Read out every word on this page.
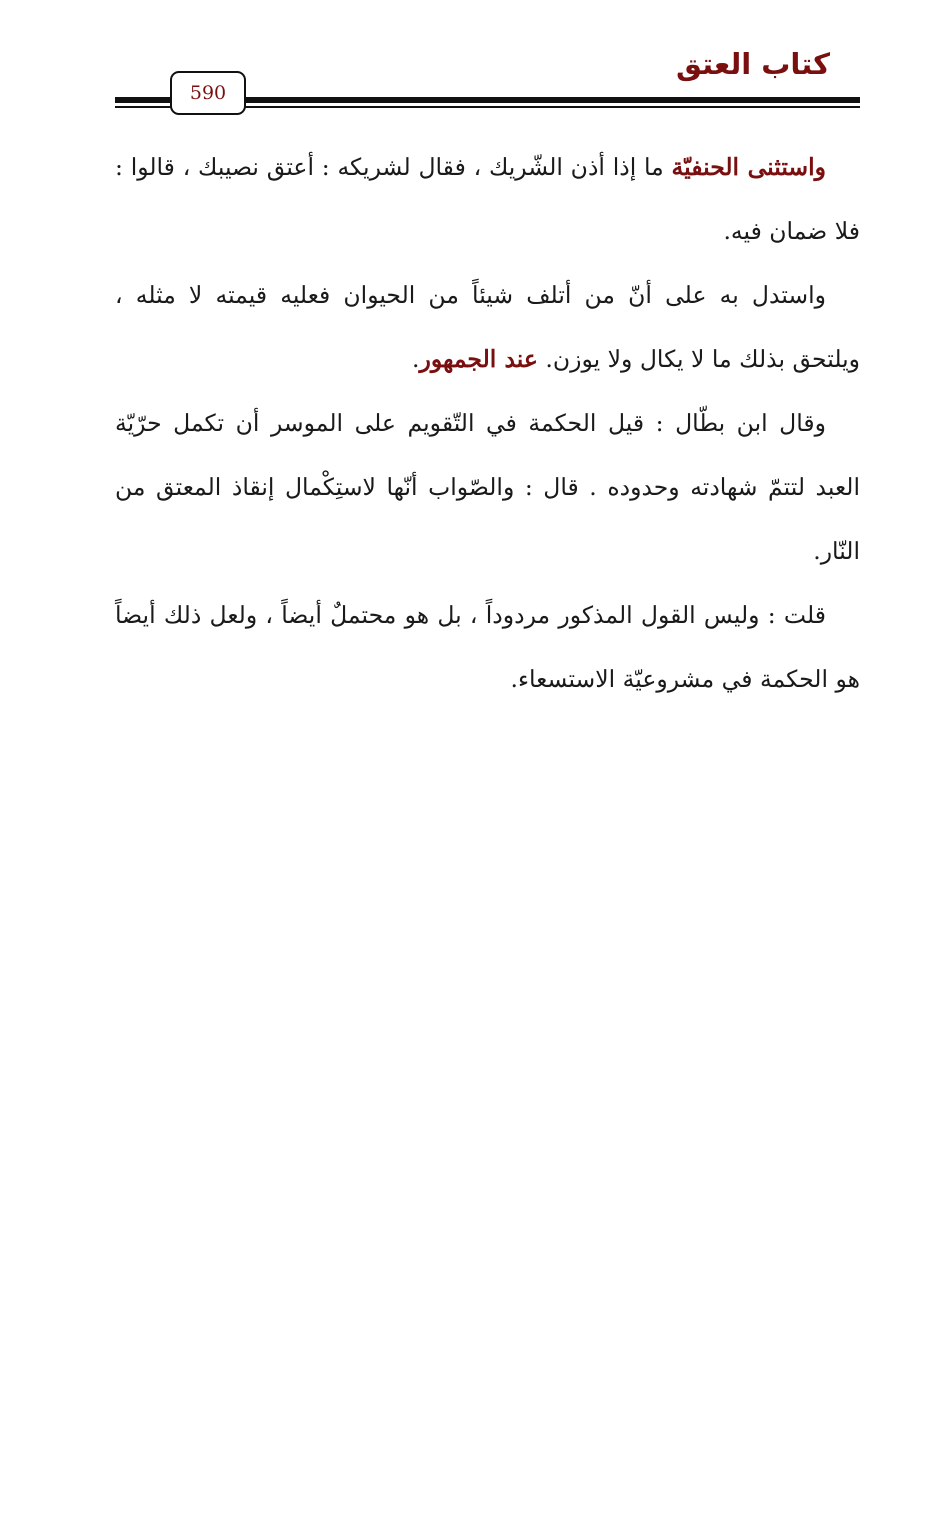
كتاب العتق
590

واستثنى الحنفيّة ما إذا أذن الشّريك ، فقال لشريكه : أعتق نصيبك ، قالوا : فلا ضمان فيه.

واستدل به على أنّ من أتلف شيئاً من الحيوان فعليه قيمته لا مثله ، ويلتحق بذلك ما لا يكال ولا يوزن. عند الجمهور.

وقال ابن بطّال : قيل الحكمة في التّقويم على الموسر أن تكمل حرّيّة العبد لتتمّ شهادته وحدوده . قال : والصّواب أنّها لاستِكْمال إنقاذ المعتق من النّار.

قلت : وليس القول المذكور مردوداً ، بل هو محتملٌ أيضاً ، ولعل ذلك أيضاً هو الحكمة في مشروعيّة الاستسعاء.
